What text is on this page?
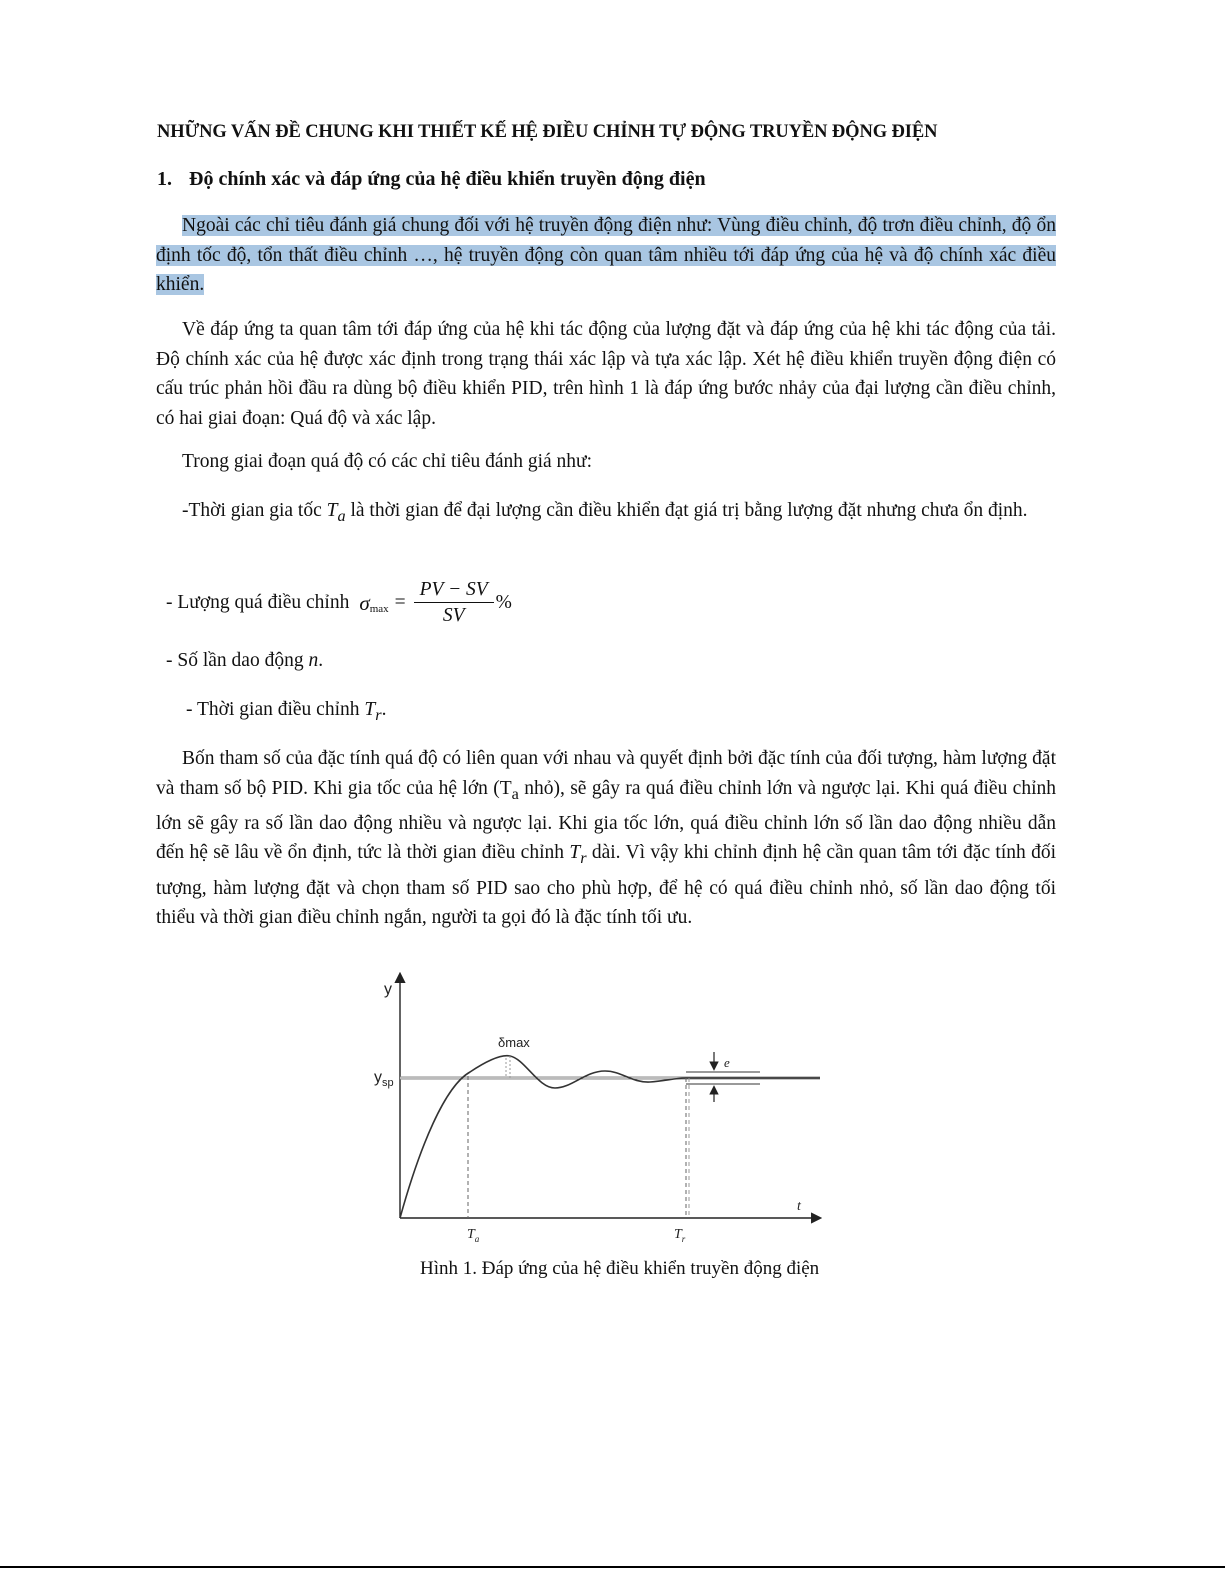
NHỮNG VẤN ĐỀ CHUNG KHI THIẾT KẾ HỆ ĐIỀU CHỈNH TỰ ĐỘNG TRUYỀN ĐỘNG ĐIỆN
1. Độ chính xác và đáp ứng của hệ điều khiển truyền động điện

Ngoài các chỉ tiêu đánh giá chung đối với hệ truyền động điện như: Vùng điều chỉnh, độ trơn điều chỉnh, độ ổn định tốc độ, tổn thất điều chỉnh …, hệ truyền động còn quan tâm nhiều tới đáp ứng của hệ và độ chính xác điều khiển.

Về đáp ứng ta quan tâm tới đáp ứng của hệ khi tác động của lượng đặt và đáp ứng của hệ khi tác động của tải. Độ chính xác của hệ được xác định trong trạng thái xác lập và tựa xác lập. Xét hệ điều khiển truyền động điện có cấu trúc phản hồi đầu ra dùng bộ điều khiển PID, trên hình 1 là đáp ứng bước nhảy của đại lượng cần điều chỉnh, có hai giai đoạn: Quá độ và xác lập.

Trong giai đoạn quá độ có các chỉ tiêu đánh giá như:

-Thời gian gia tốc $T_a$ là thời gian để đại lượng cần điều khiển đạt giá trị bằng lượng đặt nhưng chưa ổn định.

- Lượng quá điều chỉnh σ $\max = \frac{PV - SV}{SV}$ %

- Số lần dao động n.

- Thời gian điều chỉnh $T_r$.

Bốn tham số của đặc tính quá độ có liên quan với nhau và quyết định bởi đặc tính của đối tượng, hàm lượng đặt và tham số bộ PID. Khi gia tốc của hệ lớn ($T_a$ nhỏ), sẽ gây ra quá điều chỉnh lớn và ngược lại. Khi quá điều chỉnh lớn sẽ gây ra số lần dao động nhiều và ngược lại. Khi gia tốc lớn, quá điều chỉnh lớn số lần dao động nhiều dẫn đến hệ sẽ lâu về ổn định, tức là thời gian điều chỉnh $T_r$ dài. Vì vậy khi chỉnh định hệ cần quan tâm tới đặc tính đối tượng, hàm lượng đặt và chọn tham số PID sao cho phù hợp, để hệ có quá điều chỉnh nhỏ, số lần dao động tối thiểu và thời gian điều chỉnh ngắn, người ta gọi đó là đặc tính tối ưu.

y
$y_{sp}$
δmax
e
t
$T_a$	$T_r$

Hình 1. Đáp ứng của hệ điều khiển truyền động điện
